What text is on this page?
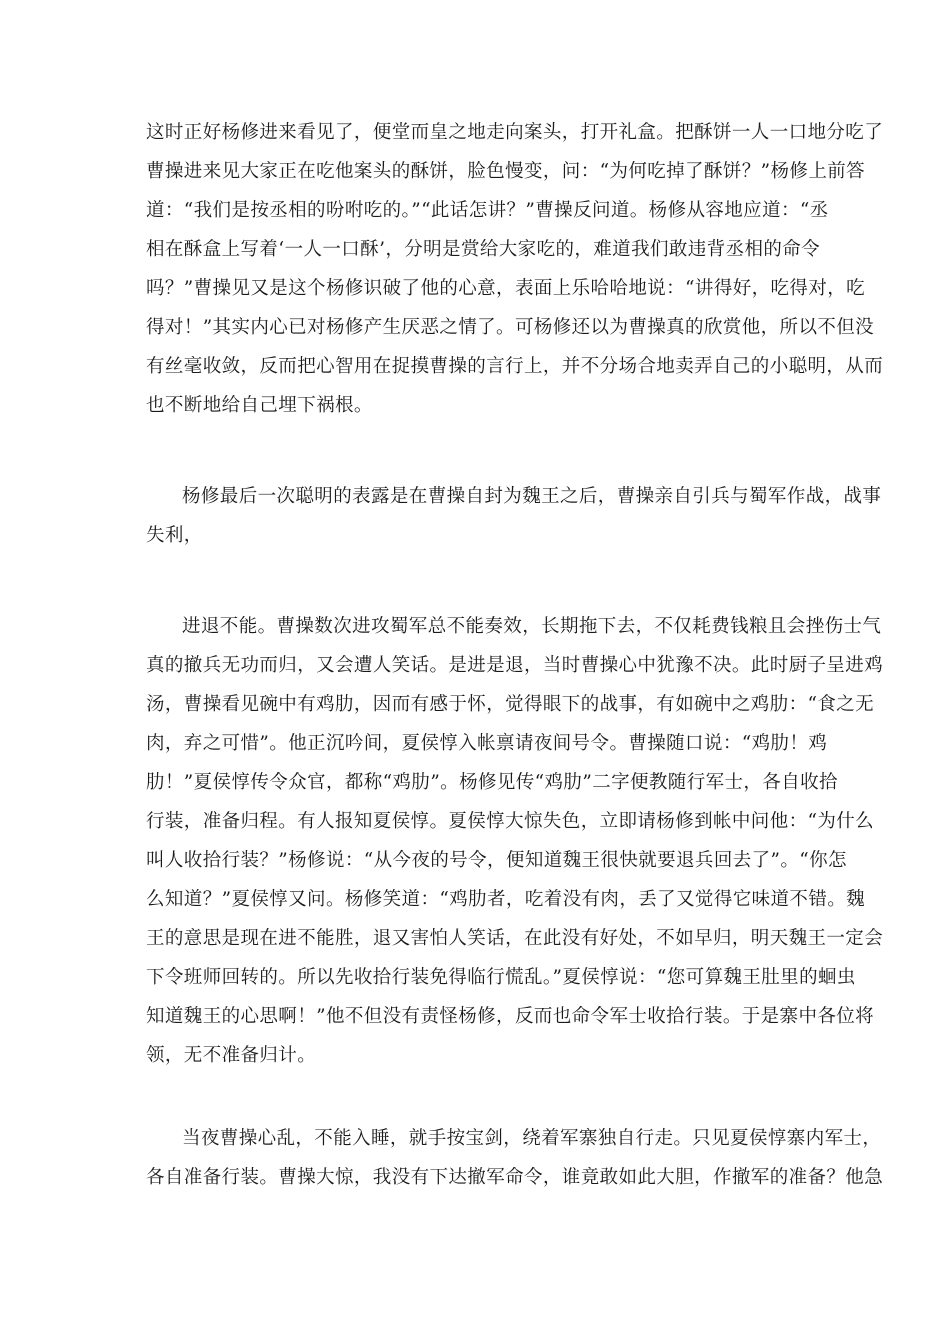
这时正好杨修进来看见了，便堂而皇之地走向案头，打开礼盒。把酥饼一人一口地分吃了
曹操进来见大家正在吃他案头的酥饼，脸色慢变，问：“为何吃掉了酥饼？”杨修上前答
道：“我们是按丞相的吩咐吃的。”“此话怎讲？”曹操反问道。杨修从容地应道：“丞
相在酥盒上写着‘一人一口酥’，分明是赏给大家吃的，难道我们敢违背丞相的命令
吗？”曹操见又是这个杨修识破了他的心意，表面上乐哈哈地说：“讲得好，吃得对，吃
得对！”其实内心已对杨修产生厌恶之情了。可杨修还以为曹操真的欣赏他，所以不但没
有丝毫收敛，反而把心智用在捉摸曹操的言行上，并不分场合地卖弄自己的小聪明，从而
也不断地给自己埋下祸根。
杨修最后一次聪明的表露是在曹操自封为魏王之后，曹操亲自引兵与蜀军作战，战事
失利，
进退不能。曹操数次进攻蜀军总不能奏效，长期拖下去，不仅耗费钱粮且会挫伤士气
真的撤兵无功而归，又会遭人笑话。是进是退，当时曹操心中犹豫不决。此时厨子呈进鸡
汤，曹操看见碗中有鸡肋，因而有感于怀，觉得眼下的战事，有如碗中之鸡肋：“食之无
肉，弃之可惜”。他正沉吟间，夏侯惇入帐禀请夜间号令。曹操随口说：“鸡肋！鸡
肋！”夏侯惇传令众官，都称“鸡肋”。杨修见传“鸡肋”二字便教随行军士，各自收拾
行装，准备归程。有人报知夏侯惇。夏侯惇大惊失色，立即请杨修到帐中问他：“为什么
叫人收拾行装？”杨修说：“从今夜的号令，便知道魏王很快就要退兵回去了”。“你怎
么知道？”夏侯惇又问。杨修笑道：“鸡肋者，吃着没有肉，丢了又觉得它味道不错。魏
王的意思是现在进不能胜，退又害怕人笑话，在此没有好处，不如早归，明天魏王一定会
下令班师回转的。所以先收拾行装免得临行慌乱。”夏侯惇说：“您可算魏王肚里的蛔虫
知道魏王的心思啊！”他不但没有责怪杨修，反而也命令军士收拾行装。于是寨中各位将
领，无不准备归计。
当夜曹操心乱，不能入睡，就手按宝剑，绕着军寨独自行走。只见夏侯惇寨内军士，
各自准备行装。曹操大惊，我没有下达撤军命令，谁竟敢如此大胆，作撤军的准备？他急
